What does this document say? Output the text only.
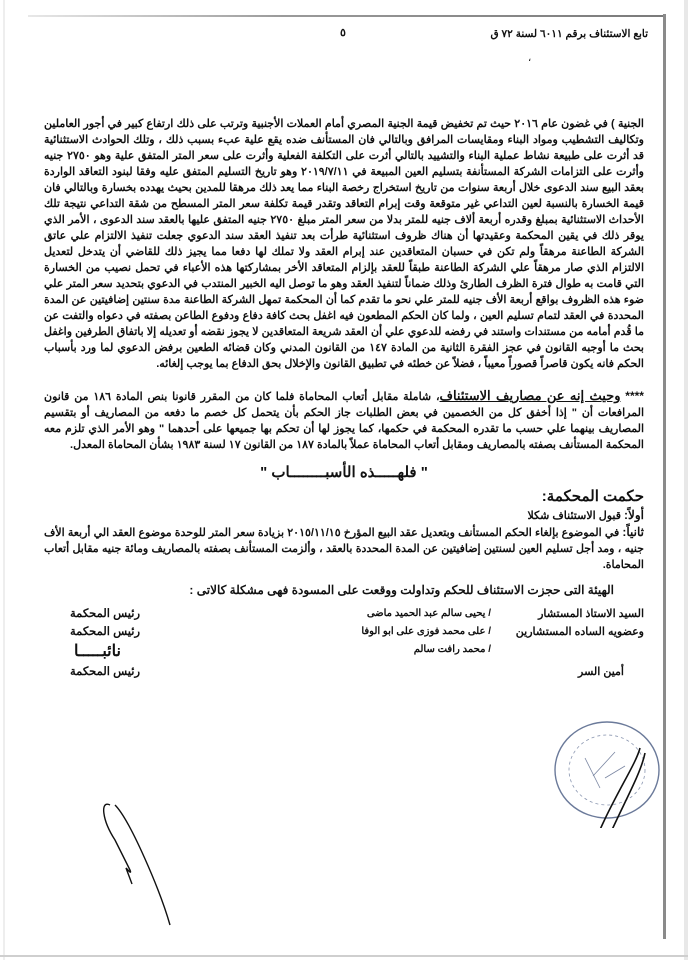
تابع الاستئناف برقم ٦٠١١ لسنة ٧٢ ق
٥
،

الجنية ) في غضون عام ٢٠١٦ حيث تم تخفيض قيمة الجنية المصري أمام العملات الأجنبية وترتب على ذلك ارتفاع كبير في أجور العاملين وتكاليف التشطيب ومواد البناء ومقايسات المرافق وبالتالي فان المستأنف ضده يقع علية عبء بسبب ذلك ، وتلك الحوادث الاستثنائية قد أثرت على طبيعة نشاط عملية البناء والتشييد بالتالي أثرت على التكلفة الفعلية وأثرت على سعر المتر المتفق علية وهو ٢٧٥٠ جنيه وأثرت على التزامات الشركة المستأنفة بتسليم العين المبيعة في ٢٠١٩/٧/١١ وهو تاريخ التسليم المتفق عليه وفقا لبنود التعاقد الواردة بعقد البيع سند الدعوى خلال أربعة سنوات من تاريخ استخراج رخصة البناء مما يعد ذلك مرهقا للمدين بحيث يهدده بخسارة وبالتالي فان قيمة الخسارة بالنسبة لعين التداعي غير متوقعة وقت إبرام التعاقد وتقدر قيمة تكلفة سعر المتر المسطح من شقة التداعي نتيجة تلك الأحداث الاستثنائية بمبلغ وقدره أربعة ألاف جنيه للمتر بدلا من سعر المتر مبلغ ٢٧٥٠ جنيه المتفق عليها بالعقد سند الدعوى ، الأمر الذي يوقر ذلك في يقين المحكمة وعقيدتها أن هناك ظروف استثنائية طرأت بعد تنفيذ العقد سند الدعوي جعلت تنفيذ الالتزام علي عاتق الشركة الطاعنة مرهقاً ولم تكن في حسبان المتعاقدين عند إبرام العقد ولا تملك لها دفعا مما يجيز ذلك للقاضي أن يتدخل لتعديل الالتزام الذي صار مرهقاً علي الشركة الطاعنة طبقاً للعقد بإلزام المتعاقد الأخر بمشاركتها هذه الأعباء في تحمل نصيب من الخسارة التي قامت به طوال فترة الظرف الطارئ وذلك ضماناً لتنفيذ العقد وهو ما توصل اليه الخبير المنتدب في الدعوي بتحديد سعر المتر علي ضوء هذه الظروف بواقع أربعة الأف جنيه للمتر علي نحو ما تقدم كما أن المحكمة تمهل الشركة الطاعنة مدة سنتين إضافيتين عن المدة المحددة في العقد لتمام تسليم العين ، ولما كان الحكم المطعون فيه اغفل بحث كافة دفاع ودفوع الطاعن بصفته في دعواه والتفت عن ما قُدم أمامه من مستندات واستند في رفضه للدعوي علي أن العقد شريعة المتعاقدين لا يجوز نقضه أو تعديله إلا باتفاق الطرفين واغفل بحث ما أوجبه القانون في عجز الفقرة الثانية من المادة ١٤٧ من القانون المدني وكان قضائه الطعين برفض الدعوي لما ورد بأسباب الحكم فانه يكون قاصراً قصوراً معيباً ، فضلاً عن خطئه في تطبيق القانون والإخلال بحق الدفاع بما يوجب إلغائه.

**** وحيث إنه عن مصاريف الاستئناف، شاملة مقابل أتعاب المحاماة فلما كان من المقرر قانونا بنص المادة ١٨٦ من قانون المرافعات أن " إذا أخفق كل من الخصمين في بعض الطلبات جاز الحكم بأن يتحمل كل خصم ما دفعه من المصاريف أو بتقسيم المصاريف بينهما علي حسب ما تقدره المحكمة في حكمها، كما يجوز لها أن تحكم بها جميعها على أحدهما " وهو الأمر الذي تلزم معه المحكمة المستأنف بصفته بالمصاريف ومقابل أتعاب المحاماة عملاً بالمادة ١٨٧ من القانون ١٧ لسنة ١٩٨٣ بشأن المحاماة المعدل.

" فلهـــــذه الأسبــــــــاب "
حكمت المحكمة:
أولاً: قبول الاستئناف شكلا
ثانياً: في الموضوع بإلغاء الحكم المستأنف وبتعديل عقد البيع المؤرخ ٢٠١٥/١١/١٥ بزيادة سعر المتر للوحدة موضوع العقد الي أربعة الأف جنيه ، ومد أجل تسليم العين لسنتين إضافيتين عن المدة المحددة بالعقد ، وألزمت المستأنف بصفته بالمصاريف ومائة جنيه مقابل أتعاب المحاماة.
الهيئة التى حجزت الاستئناف للحكم وتداولت ووقعت على المسودة فهى مشكلة كالاتى :
السيد الاستاذ المستشار
/ يحيى سالم عبد الحميد ماضى
رئيس المحكمة
وعضويه الساده المستشارين
/ على محمد فوزى على ابو الوفا
رئيس المحكمة
/ محمد رافت سالم
نائبـــــا
أمين السر
رئيس المحكمة
